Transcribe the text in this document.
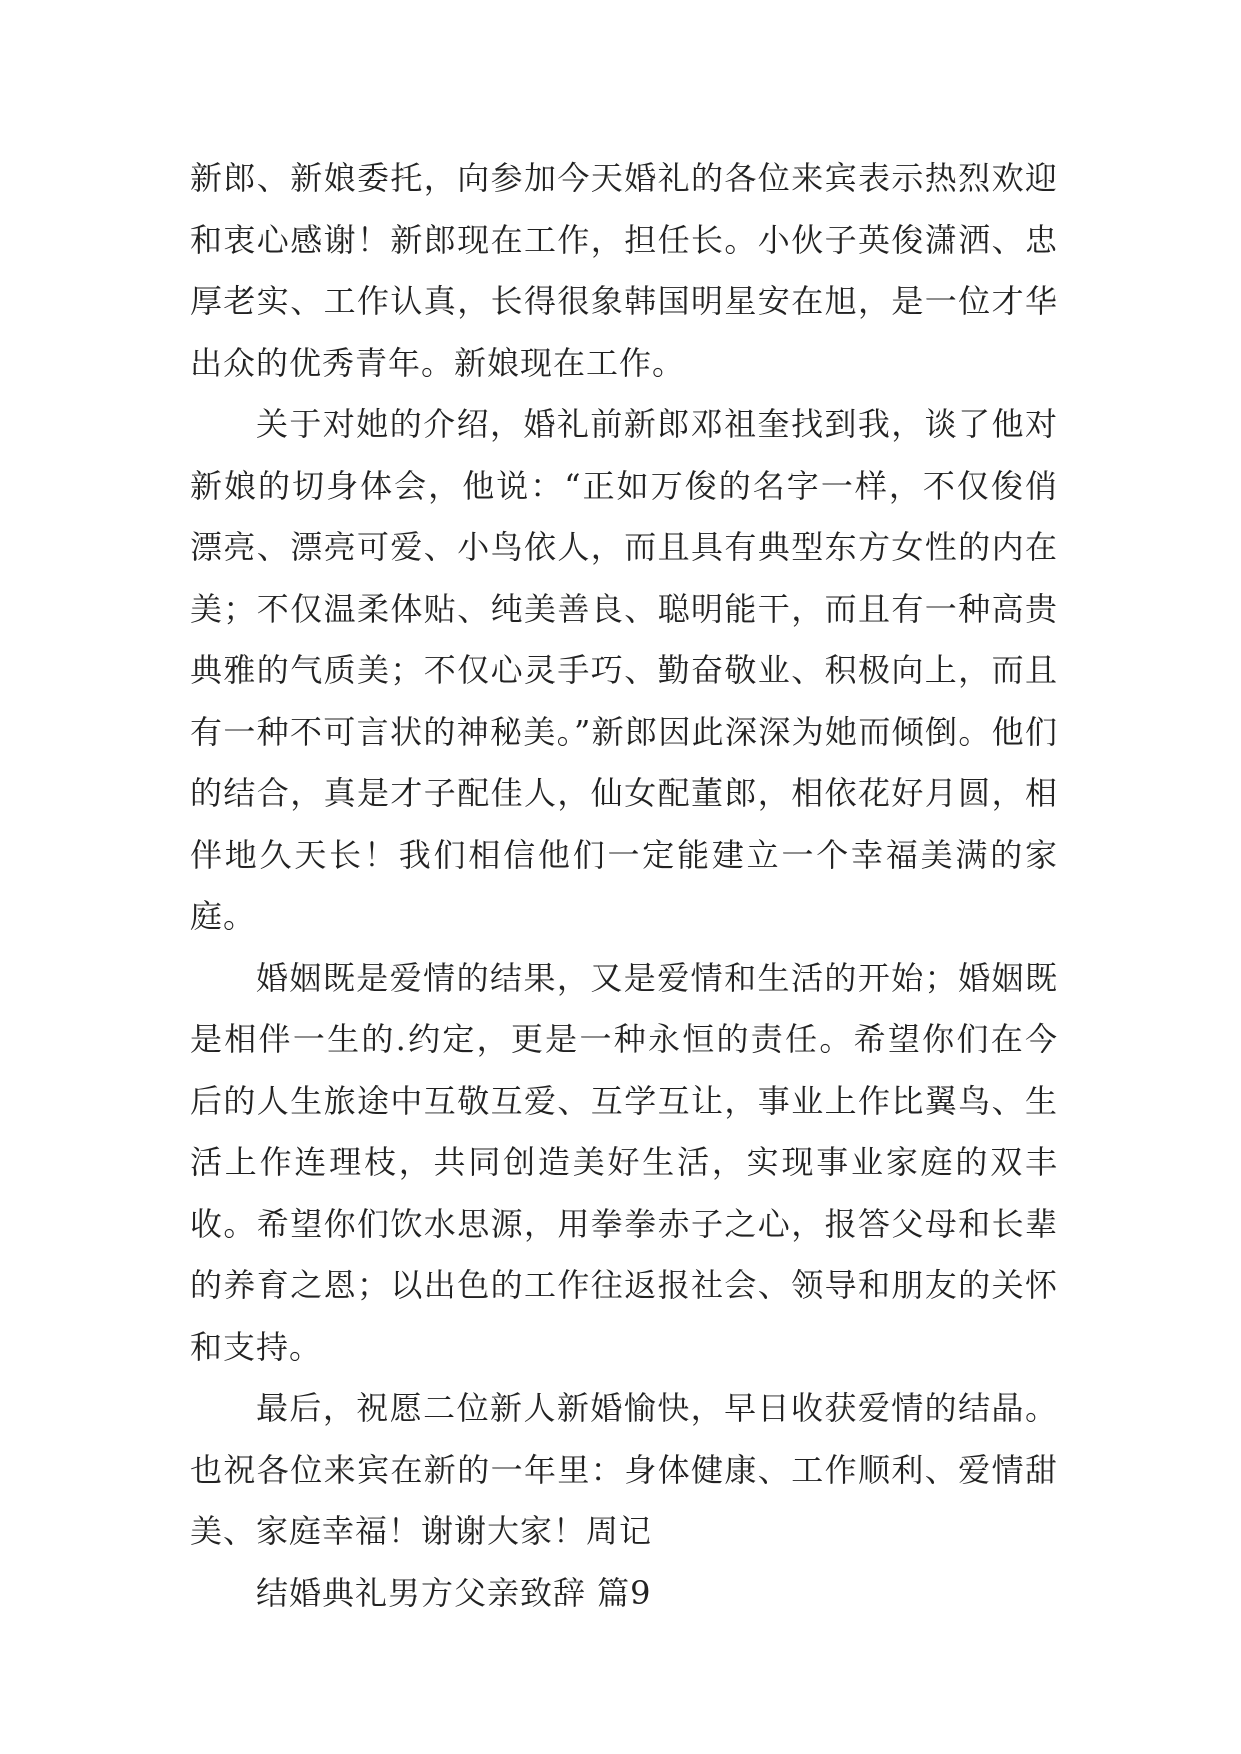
新郎、新娘委托，向参加今天婚礼的各位来宾表示热烈欢迎和衷心感谢！新郎现在工作，担任长。小伙子英俊潇洒、忠厚老实、工作认真，长得很象韩国明星安在旭，是一位才华出众的优秀青年。新娘现在工作。

关于对她的介绍，婚礼前新郎邓祖奎找到我，谈了他对新娘的切身体会，他说：“正如万俊的名字一样，不仅俊俏漂亮、漂亮可爱、小鸟依人，而且具有典型东方女性的内在美；不仅温柔体贴、纯美善良、聪明能干，而且有一种高贵典雅的气质美；不仅心灵手巧、勤奋敬业、积极向上，而且有一种不可言状的神秘美。”新郎因此深深为她而倾倒。他们的结合，真是才子配佳人，仙女配董郎，相依花好月圆，相伴地久天长！我们相信他们一定能建立一个幸福美满的家庭。

婚姻既是爱情的结果，又是爱情和生活的开始；婚姻既是相伴一生的.约定，更是一种永恒的责任。希望你们在今后的人生旅途中互敬互爱、互学互让，事业上作比翼鸟、生活上作连理枝，共同创造美好生活，实现事业家庭的双丰收。希望你们饮水思源，用拳拳赤子之心，报答父母和长辈的养育之恩；以出色的工作往返报社会、领导和朋友的关怀和支持。

最后，祝愿二位新人新婚愉快，早日收获爱情的结晶。也祝各位来宾在新的一年里：身体健康、工作顺利、爱情甜美、家庭幸福！谢谢大家！周记

结婚典礼男方父亲致辞 篇9
